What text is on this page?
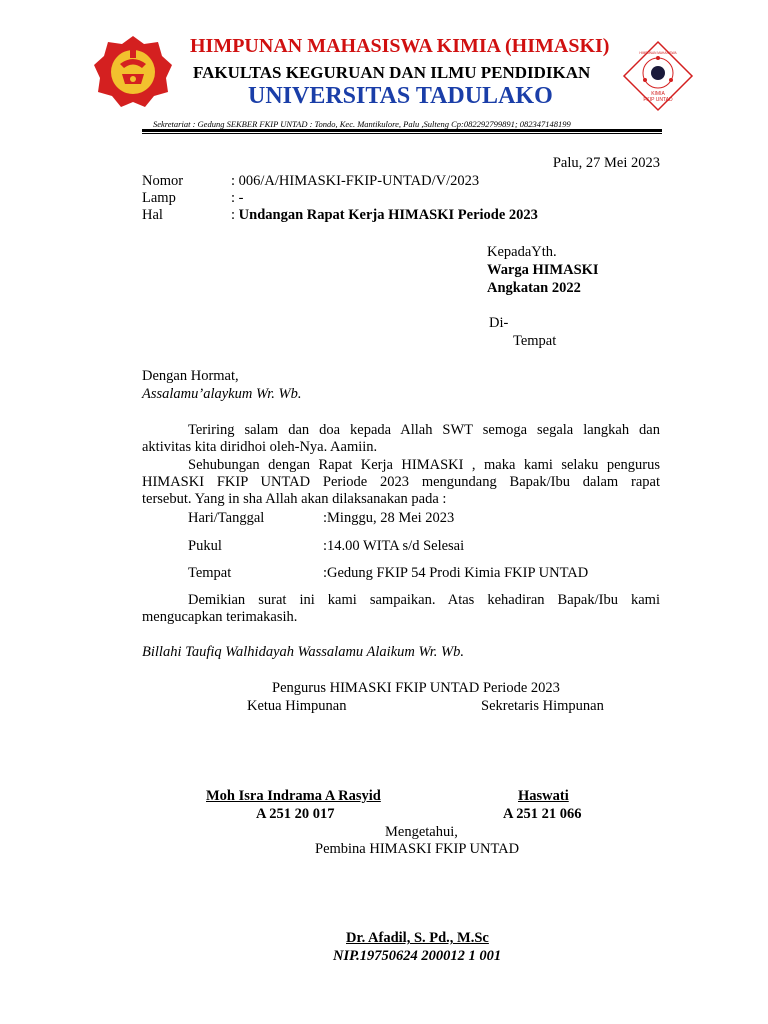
HIMPUNAN MAHASISWA KIMIA (HIMASKI)
FAKULTAS KEGURUAN DAN ILMU PENDIDIKAN
UNIVERSITAS TADULAKO
Sekretariat : Gedung SEKBER FKIP UNTAD : Tondo, Kec. Mantikulore, Palu ,Sulteng Cp:082292799891; 082347148199
KIMIA
FKIP UNTAD
HIMPUNAN MAHASISWA
Palu, 27 Mei 2023
Nomor	: 006/A/HIMASKI-FKIP-UNTAD/V/2023
Lamp	: -
Hal	: Undangan Rapat Kerja HIMASKI Periode 2023
KepadaYth.
Warga HIMASKI
Angkatan 2022
Di-
Tempat
Dengan Hormat,
Assalamu’alaykum Wr. Wb.
Teriring salam dan doa kepada Allah SWT semoga segala langkah dan
aktivitas kita diridhoi oleh-Nya. Aamiin.
Sehubungan dengan Rapat Kerja HIMASKI , maka kami selaku pengurus
HIMASKI FKIP UNTAD Periode 2023 mengundang Bapak/Ibu dalam rapat
tersebut. Yang in sha Allah akan dilaksanakan pada :
Hari/Tanggal	:Minggu, 28 Mei 2023
Pukul	:14.00 WITA s/d Selesai
Tempat	:Gedung FKIP 54 Prodi Kimia FKIP UNTAD
Demikian surat ini kami sampaikan. Atas kehadiran Bapak/Ibu kami
mengucapkan terimakasih.
Billahi Taufiq Walhidayah Wassalamu Alaikum Wr. Wb.
Pengurus HIMASKI FKIP UNTAD Periode 2023
Ketua Himpunan	Sekretaris Himpunan
Moh Isra Indrama A Rasyid
A 251 20 017
Haswati
A 251 21 066
Mengetahui,
Pembina HIMASKI FKIP UNTAD
Dr. Afadil, S. Pd., M.Sc
NIP.19750624 200012 1 001
